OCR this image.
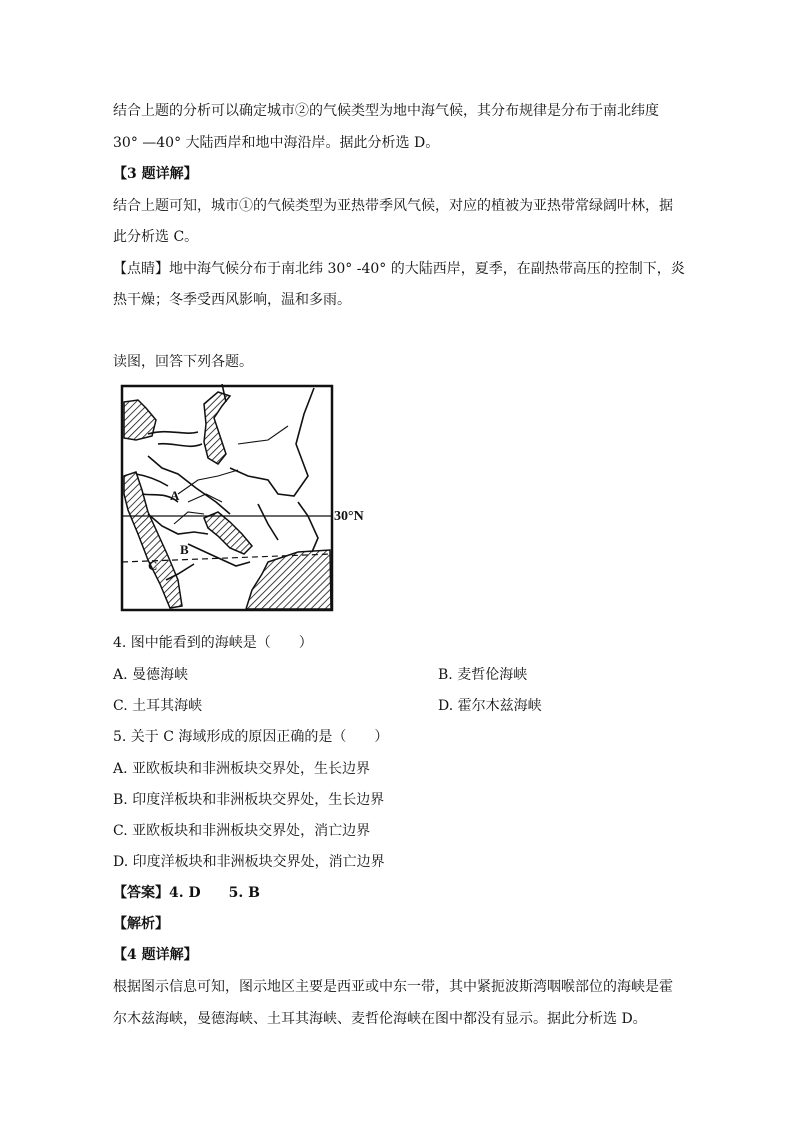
结合上题的分析可以确定城市②的气候类型为地中海气候，其分布规律是分布于南北纬度
30° —40° 大陆西岸和地中海沿岸。据此分析选 D。
【3 题详解】
结合上题可知，城市①的气候类型为亚热带季风气候，对应的植被为亚热带常绿阔叶林，据
此分析选 C。
【点睛】地中海气候分布于南北纬 30° -40° 的大陆西岸，夏季，在副热带高压的控制下，炎
热干燥；冬季受西风影响，温和多雨。
读图，回答下列各题。
A
B
C
30°N
4. 图中能看到的海峡是（　　）
A. 曼德海峡	B. 麦哲伦海峡
C. 土耳其海峡	D. 霍尔木兹海峡
5. 关于 C 海域形成的原因正确的是（　　）
A. 亚欧板块和非洲板块交界处，生长边界
B. 印度洋板块和非洲板块交界处，生长边界
C. 亚欧板块和非洲板块交界处，消亡边界
D. 印度洋板块和非洲板块交界处，消亡边界
【答案】4. D　　5. B
【解析】
【4 题详解】
根据图示信息可知，图示地区主要是西亚或中东一带，其中紧扼波斯湾咽喉部位的海峡是霍
尔木兹海峡，曼德海峡、土耳其海峡、麦哲伦海峡在图中都没有显示。据此分析选 D。
